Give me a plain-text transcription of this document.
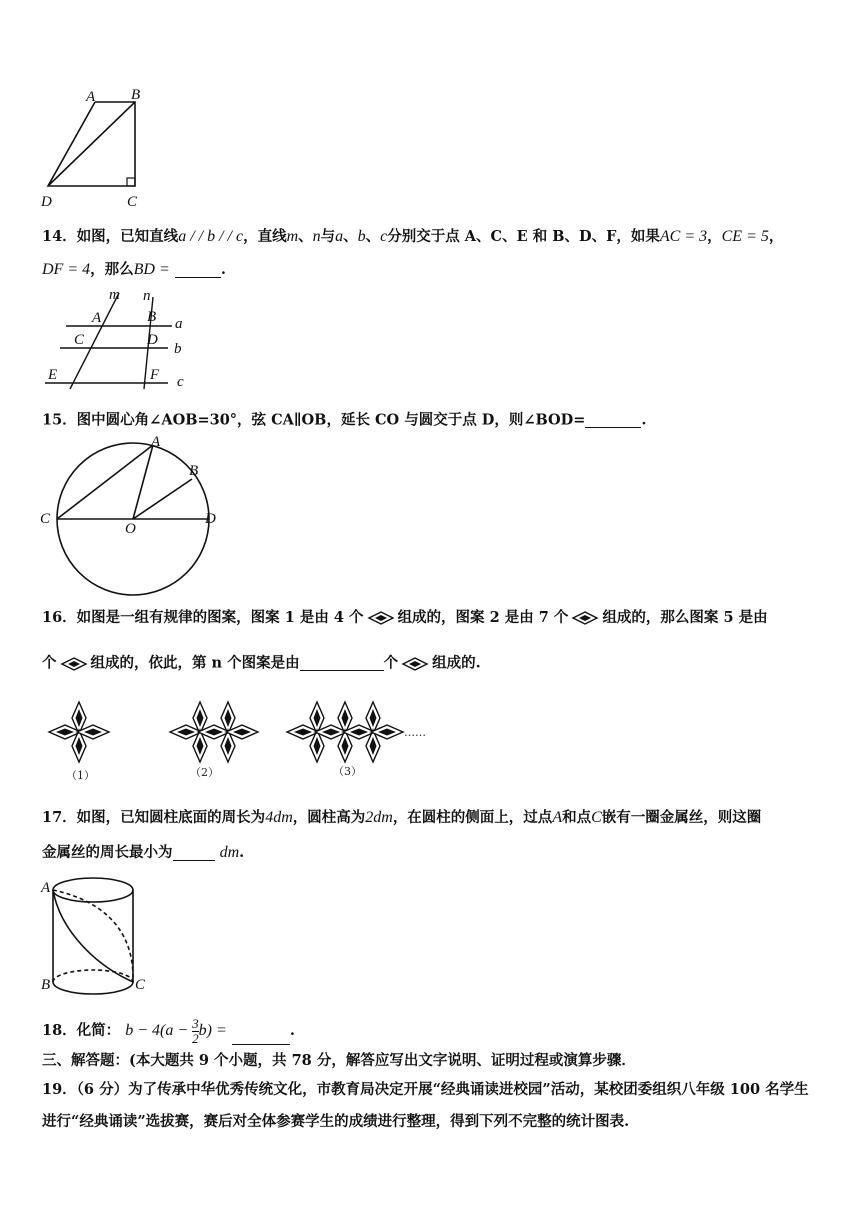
A B
C
D
14．如图，已知直线a / / b / / c，直线m、n与a、b、c分别交于点 A、C、E 和 B、D、F，如果AC = 3，CE = 5，
DF = 4，那么BD =	.
m n
A	B
C	D
E	F
a
b
c
15．图中圆心角∠AOB=30°，弦 CA∥OB，延长 CO 与圆交于点 D，则∠BOD=	.
A
B
C
O
D
16．如图是一组有规律的图案，图案 1 是由 4 个 组成的，图案 2 是由 7 个 组成的，那么图案 5 是由
个 组成的，依此，第 n 个图案是由	个 组成的.
（1）	（2）	（3）
……
17．如图，已知圆柱底面的周长为4dm，圆柱高为2dm，在圆柱的侧面上，过点A和点C嵌有一圈金属丝，则这圈
金属丝的周长最小为	dm.
A
B	C
18．化简： $b - 4(a - \frac{3}{2} b)$ =	.
三、解答题：(本大题共 9 个小题，共 78 分，解答应写出文字说明、证明过程或演算步骤．
19．（6 分）为了传承中华优秀传统文化，市教育局决定开展“经典诵读进校园”活动，某校团委组织八年级 100 名学生
进行“经典诵读”选拔赛，赛后对全体参赛学生的成绩进行整理，得到下列不完整的统计图表.
